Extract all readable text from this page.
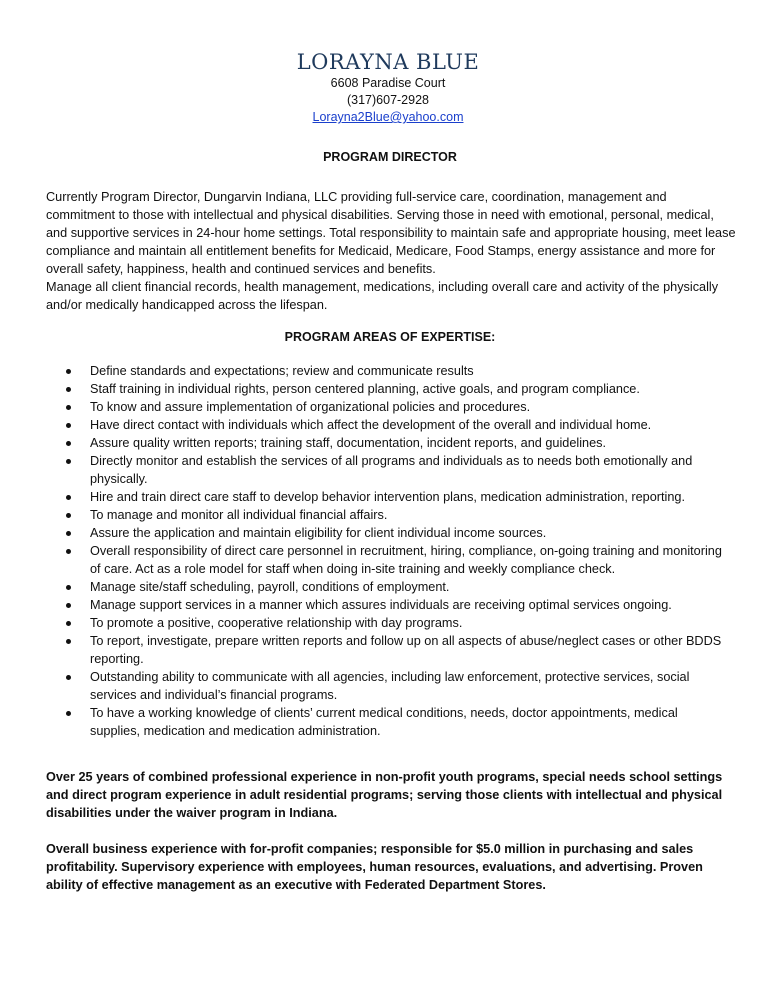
LORAYNA BLUE
6608 Paradise Court
(317)607-2928
Lorayna2Blue@yahoo.com
PROGRAM DIRECTOR

Currently Program Director, Dungarvin Indiana, LLC providing full-service care, coordination, management and commitment to those with intellectual and physical disabilities. Serving those in need with emotional, personal, medical, and supportive services in 24-hour home settings. Total responsibility to maintain safe and appropriate housing, meet lease compliance and maintain all entitlement benefits for Medicaid, Medicare, Food Stamps, energy assistance and more for overall safety, happiness, health and continued services and benefits.

Manage all client financial records, health management, medications, including overall care and activity of the physically and/or medically handicapped across the lifespan.

PROGRAM AREAS OF EXPERTISE:
Define standards and expectations; review and communicate results
Staff training in individual rights, person centered planning, active goals, and program compliance.
To know and assure implementation of organizational policies and procedures.
Have direct contact with individuals which affect the development of the overall and individual home.
Assure quality written reports; training staff, documentation, incident reports, and guidelines.
Directly monitor and establish the services of all programs and individuals as to needs both emotionally and physically.
Hire and train direct care staff to develop behavior intervention plans, medication administration, reporting.
To manage and monitor all individual financial affairs.
Assure the application and maintain eligibility for client individual income sources.
Overall responsibility of direct care personnel in recruitment, hiring, compliance, on-going training and monitoring of care. Act as a role model for staff when doing in-site training and weekly compliance check.
Manage site/staff scheduling, payroll, conditions of employment.
Manage support services in a manner which assures individuals are receiving optimal services ongoing.
To promote a positive, cooperative relationship with day programs.
To report, investigate, prepare written reports and follow up on all aspects of abuse/neglect cases or other BDDS reporting.
Outstanding ability to communicate with all agencies, including law enforcement, protective services, social services and individual’s financial programs.
To have a working knowledge of clients’ current medical conditions, needs, doctor appointments, medical supplies, medication and medication administration.

Over 25 years of combined professional experience in non-profit youth programs, special needs school settings and direct program experience in adult residential programs; serving those clients with intellectual and physical disabilities under the waiver program in Indiana.

Overall business experience with for-profit companies; responsible for $5.0 million in purchasing and sales profitability. Supervisory experience with employees, human resources, evaluations, and advertising. Proven ability of effective management as an executive with Federated Department Stores.
